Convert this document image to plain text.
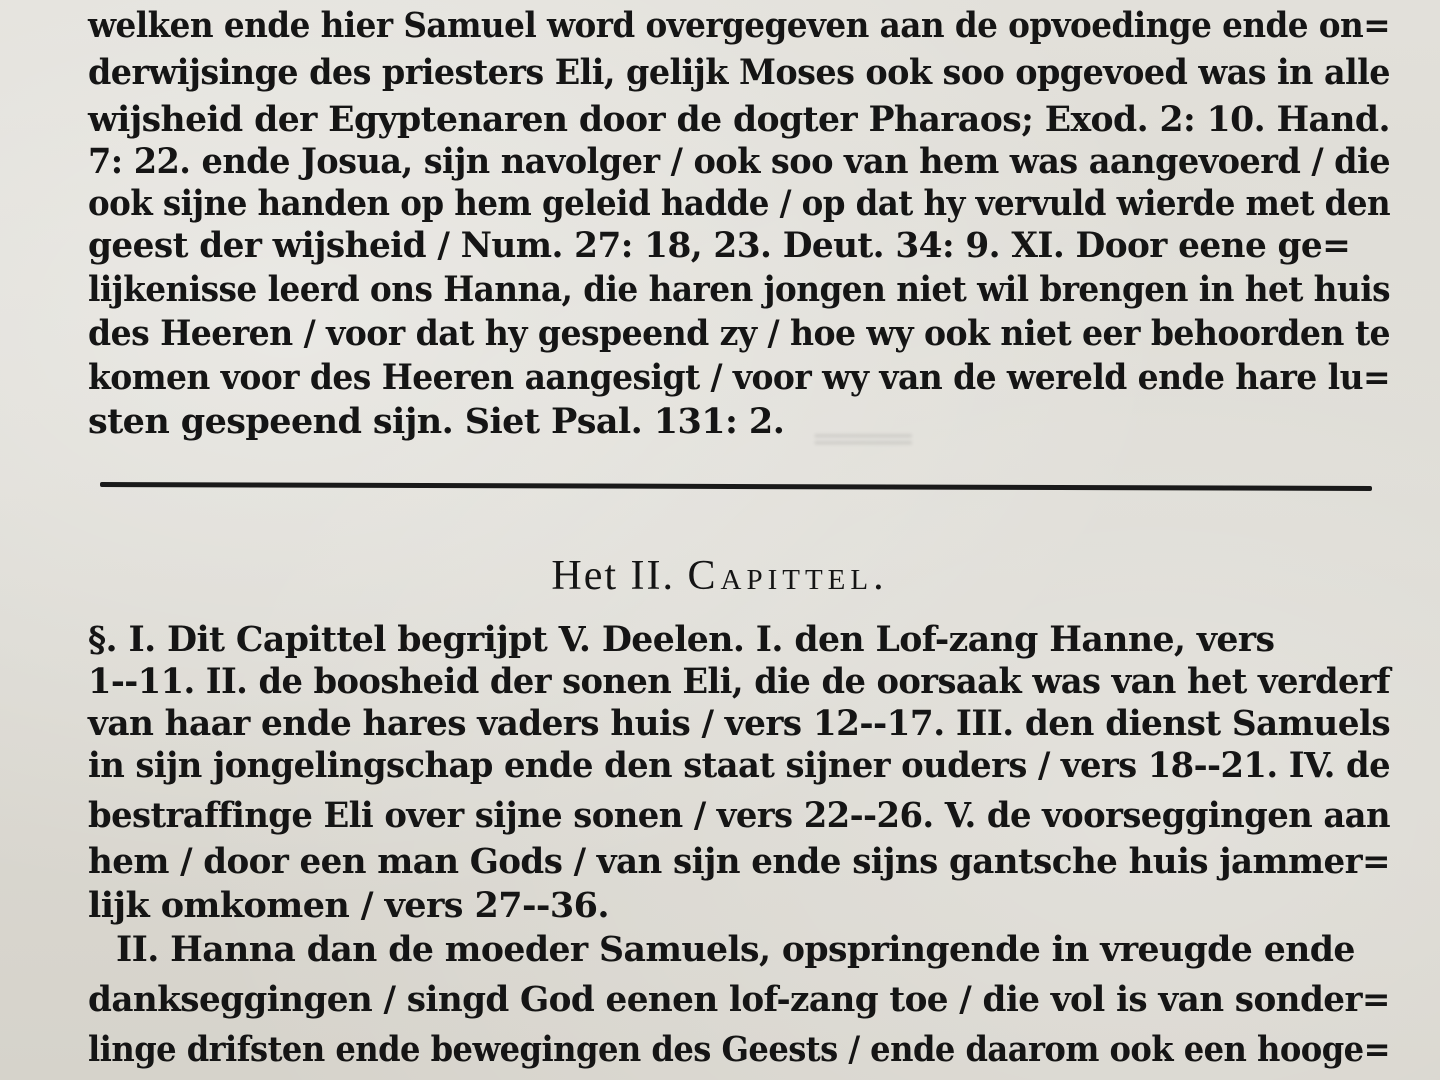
════
welken ende hier Samuel word overgegeven aan de opvoedinge ende on=
derwijsinge des priesters Eli, gelijk Moses ook soo opgevoed was in alle
wijsheid der Egyptenaren door de dogter Pharaos; Exod. 2: 10. Hand.
7: 22. ende Josua, sijn navolger / ook soo van hem was aangevoerd / die
ook sijne handen op hem geleid hadde / op dat hy vervuld wierde met den
geest der wijsheid / Num. 27: 18, 23. Deut. 34: 9. XI. Door eene ge=
lijkenisse leerd ons Hanna, die haren jongen niet wil brengen in het huis
des Heeren / voor dat hy gespeend zy / hoe wy ook niet eer behoorden te
komen voor des Heeren aangesigt / voor wy van de wereld ende hare lu=
sten gespeend sijn. Siet Psal. 131: 2.
Het II. Capittel.
§. I. Dit Capittel begrijpt V. Deelen. I. den Lof-zang Hanne, vers
1--11. II. de boosheid der sonen Eli, die de oorsaak was van het verderf
van haar ende hares vaders huis / vers 12--17. III. den dienst Samuels
in sijn jongelingschap ende den staat sijner ouders / vers 18--21. IV. de
bestraffinge Eli over sijne sonen / vers 22--26. V. de voorseggingen aan
hem / door een man Gods / van sijn ende sijns gantsche huis jammer=
lijk omkomen / vers 27--36.
II. Hanna dan de moeder Samuels, opspringende in vreugde ende
dankseggingen / singd God eenen lof-zang toe / die vol is van sonder=
linge drifsten ende bewegingen des Geests / ende daarom ook een hooge=
